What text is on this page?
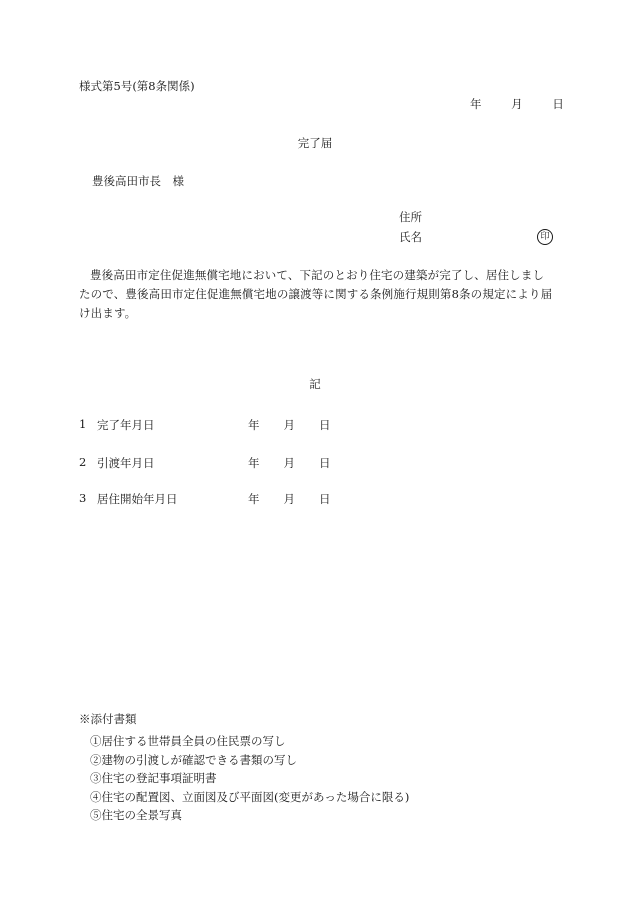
様式第5号(第8条関係)
年	月	日
完了届
豊後高田市長　様
住所
氏名	印
豊後高田市定住促進無償宅地において、下記のとおり住宅の建築が完了し、居住しましたので、豊後高田市定住促進無償宅地の譲渡等に関する条例施行規則第8条の規定により届け出ます。
記
1 完了年月日	年 月 日
2 引渡年月日	年 月 日
3 居住開始年月日	年 月 日
※添付書類
①居住する世帯員全員の住民票の写し
②建物の引渡しが確認できる書類の写し
③住宅の登記事項証明書
④住宅の配置図、立面図及び平面図(変更があった場合に限る)
⑤住宅の全景写真
